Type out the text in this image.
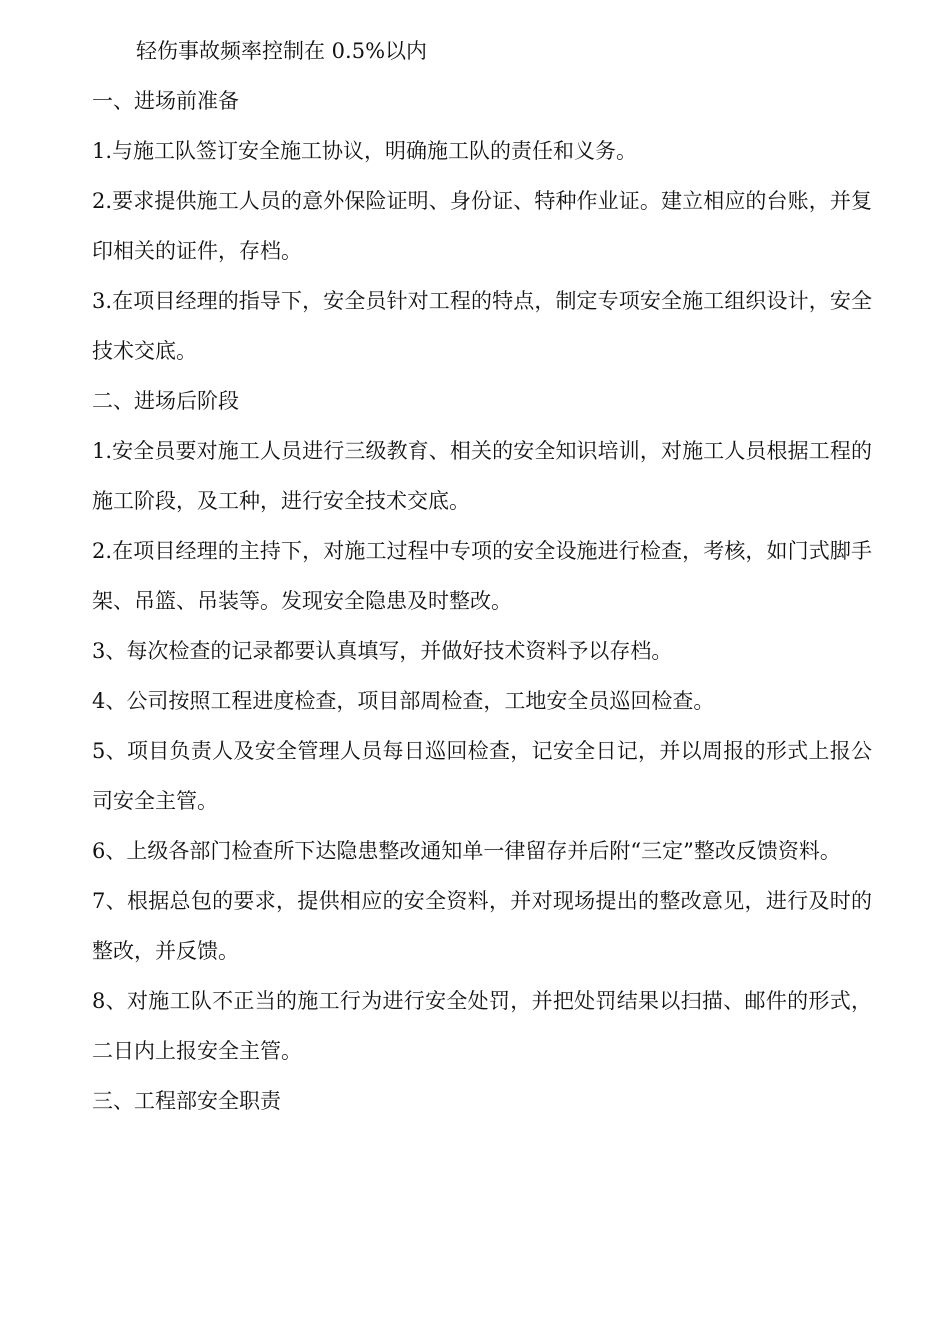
轻伤事故频率控制在 0.5%以内

一、进场前准备

1.与施工队签订安全施工协议，明确施工队的责任和义务。

2.要求提供施工人员的意外保险证明、身份证、特种作业证。建立相应的台账，并复印相关的证件，存档。

3.在项目经理的指导下，安全员针对工程的特点，制定专项安全施工组织设计，安全技术交底。

二、进场后阶段

1.安全员要对施工人员进行三级教育、相关的安全知识培训，对施工人员根据工程的施工阶段，及工种，进行安全技术交底。

2.在项目经理的主持下，对施工过程中专项的安全设施进行检查，考核，如门式脚手架、吊篮、吊装等。发现安全隐患及时整改。

3、每次检查的记录都要认真填写，并做好技术资料予以存档。

4、公司按照工程进度检查，项目部周检查，工地安全员巡回检查。

5、项目负责人及安全管理人员每日巡回检查，记安全日记，并以周报的形式上报公司安全主管。

6、上级各部门检查所下达隐患整改通知单一律留存并后附“三定”整改反馈资料。

7、根据总包的要求，提供相应的安全资料，并对现场提出的整改意见，进行及时的整改，并反馈。

8、对施工队不正当的施工行为进行安全处罚，并把处罚结果以扫描、邮件的形式，二日内上报安全主管。

三、工程部安全职责
